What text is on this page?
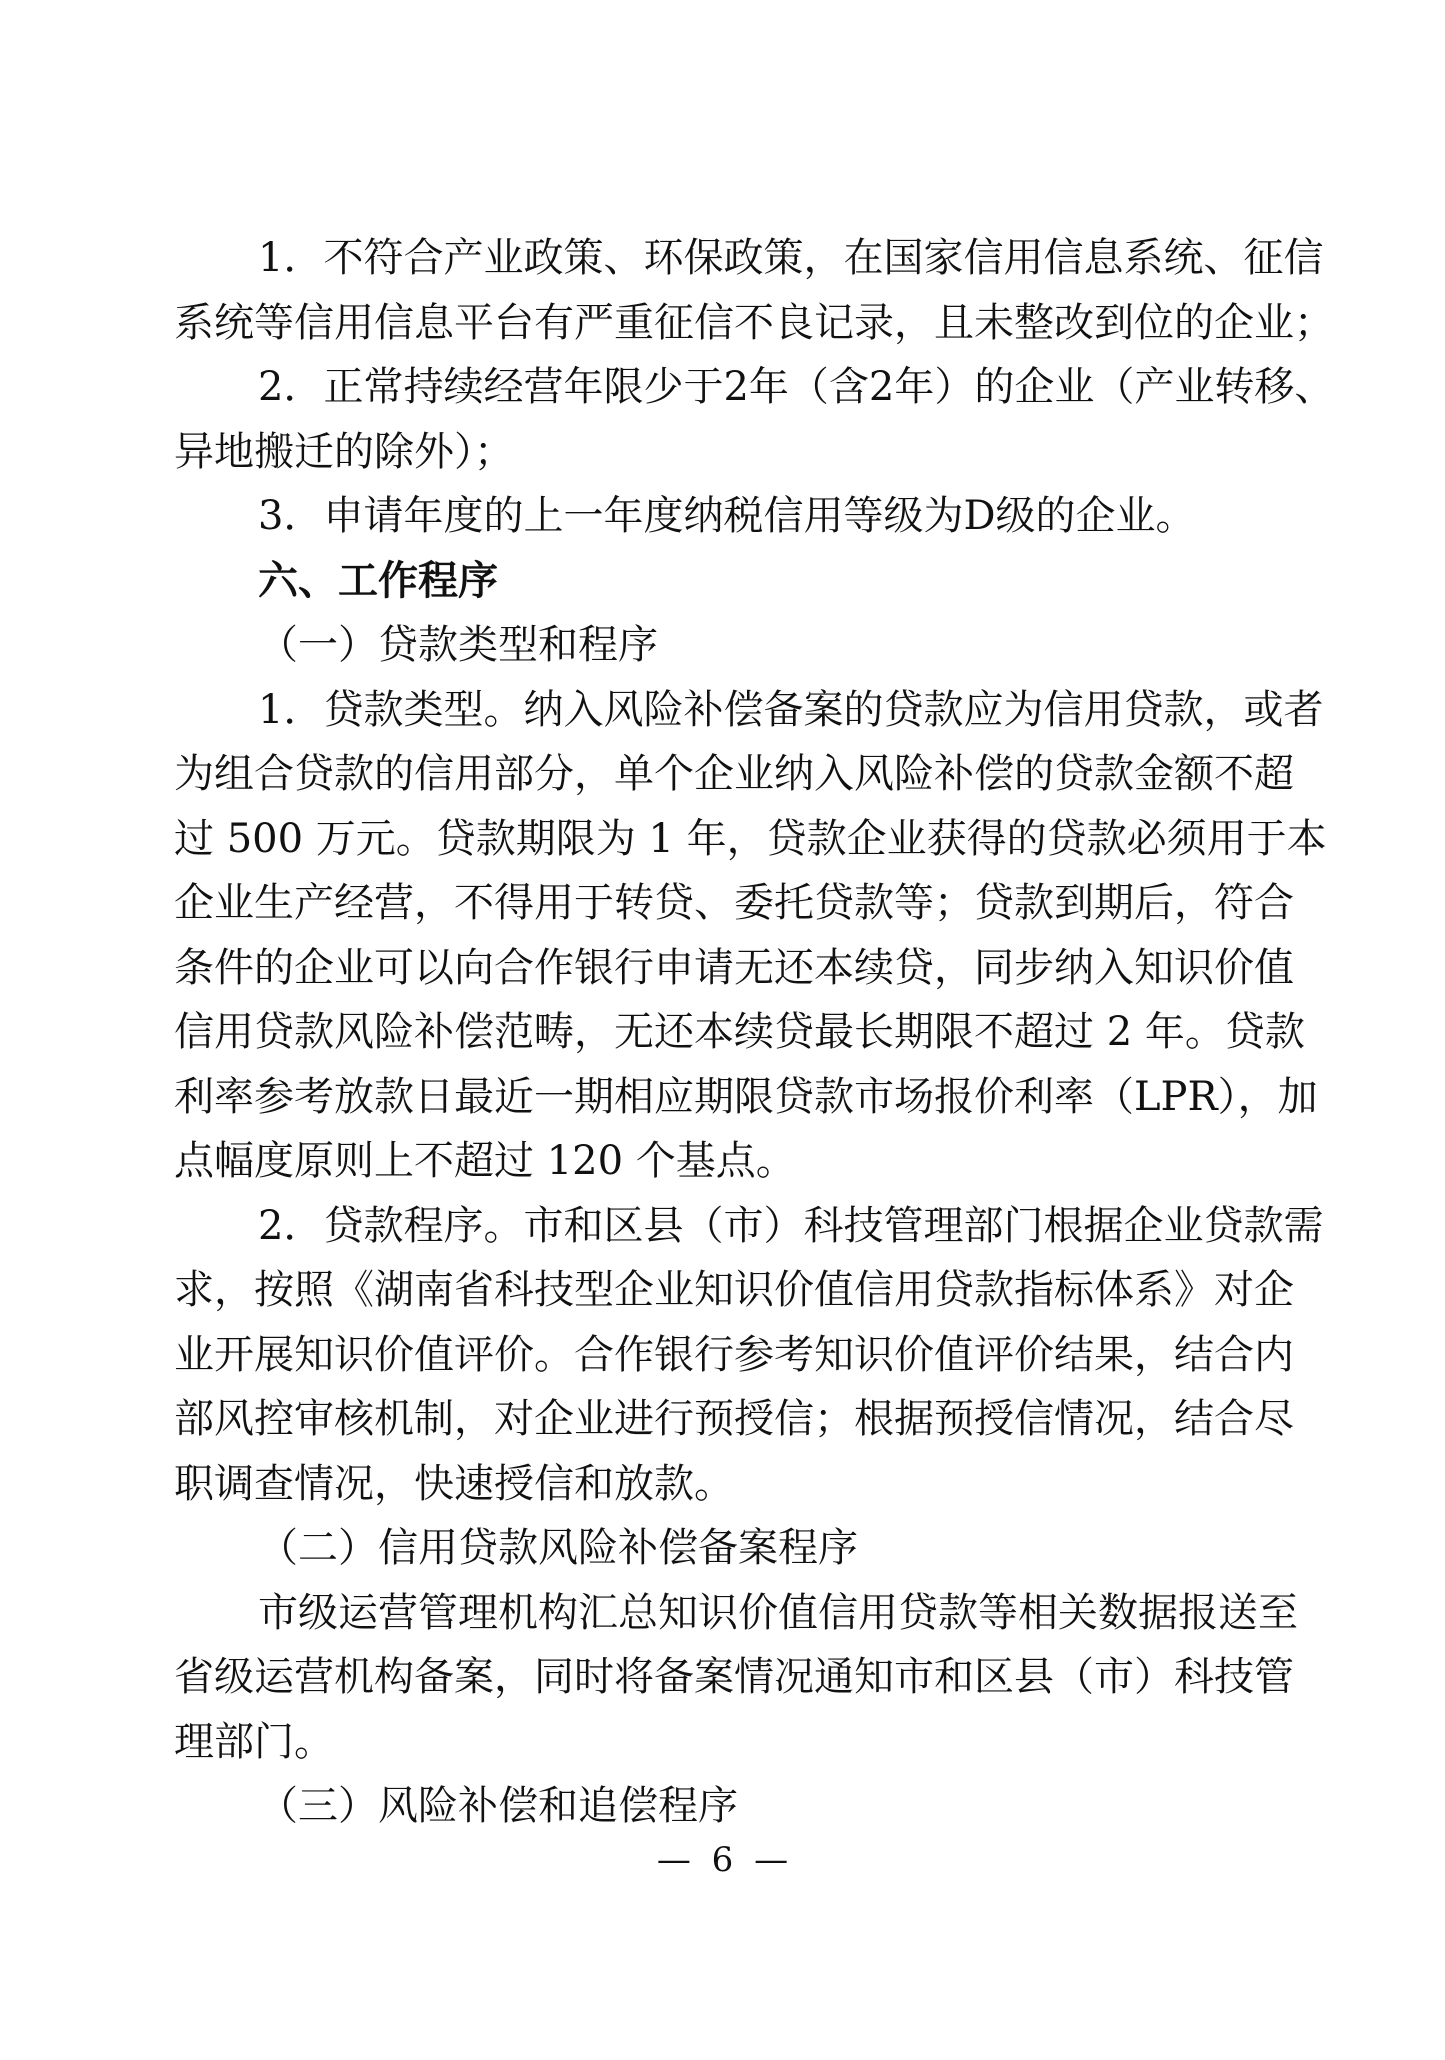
1．不符合产业政策、环保政策，在国家信用信息系统、征信
系统等信用信息平台有严重征信不良记录，且未整改到位的企业；
2．正常持续经营年限少于2年（含2年）的企业（产业转移、
异地搬迁的除外）；
3．申请年度的上一年度纳税信用等级为D级的企业。
六、工作程序
（一）贷款类型和程序
1．贷款类型。纳入风险补偿备案的贷款应为信用贷款，或者
为组合贷款的信用部分，单个企业纳入风险补偿的贷款金额不超
过 500 万元。贷款期限为 1 年，贷款企业获得的贷款必须用于本
企业生产经营，不得用于转贷、委托贷款等；贷款到期后，符合
条件的企业可以向合作银行申请无还本续贷，同步纳入知识价值
信用贷款风险补偿范畴，无还本续贷最长期限不超过 2 年。贷款
利率参考放款日最近一期相应期限贷款市场报价利率（LPR），加
点幅度原则上不超过 120 个基点。
2．贷款程序。市和区县（市）科技管理部门根据企业贷款需
求，按照《湖南省科技型企业知识价值信用贷款指标体系》对企
业开展知识价值评价。合作银行参考知识价值评价结果，结合内
部风控审核机制，对企业进行预授信；根据预授信情况，结合尽
职调查情况，快速授信和放款。
（二）信用贷款风险补偿备案程序
市级运营管理机构汇总知识价值信用贷款等相关数据报送至
省级运营机构备案，同时将备案情况通知市和区县（市）科技管
理部门。
（三）风险补偿和追偿程序
— 6 —
